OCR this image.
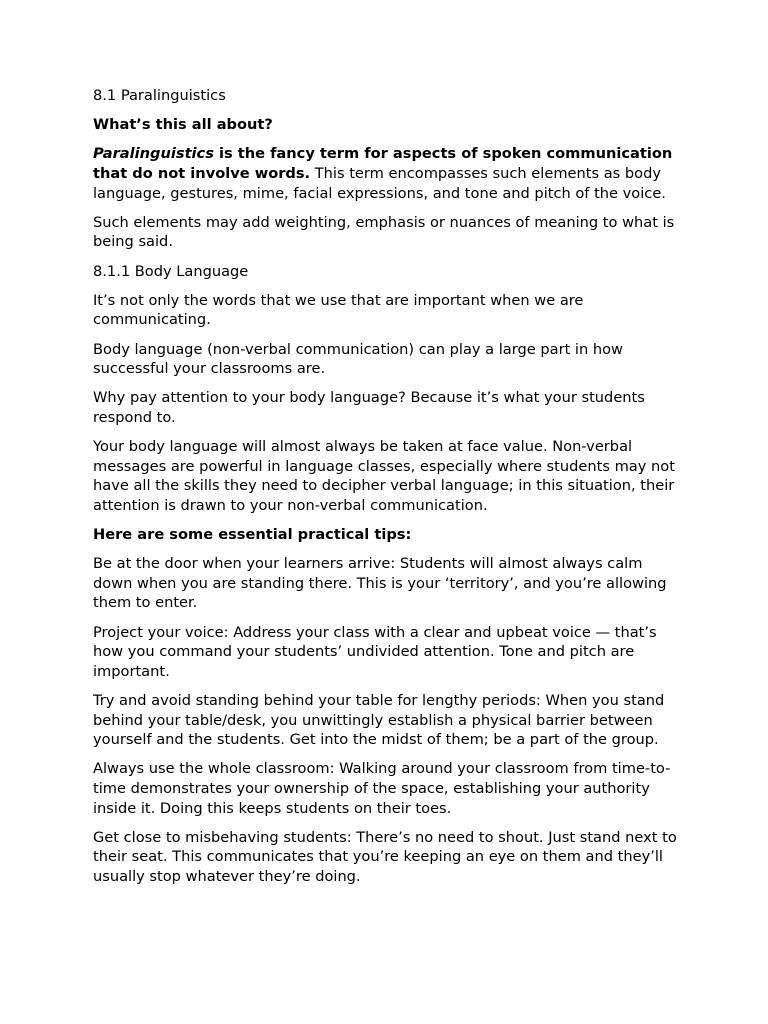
8.1 Paralinguistics

What’s this all about?

Paralinguistics is the fancy term for aspects of spoken communication that do not involve words. This term encompasses such elements as body language, gestures, mime, facial expressions, and tone and pitch of the voice.

Such elements may add weighting, emphasis or nuances of meaning to what is being said.

8.1.1 Body Language

It’s not only the words that we use that are important when we are communicating.

Body language (non-verbal communication) can play a large part in how successful your classrooms are.

Why pay attention to your body language? Because it’s what your students respond to.

Your body language will almost always be taken at face value. Non-verbal messages are powerful in language classes, especially where students may not have all the skills they need to decipher verbal language; in this situation, their attention is drawn to your non-verbal communication.

Here are some essential practical tips:

Be at the door when your learners arrive: Students will almost always calm down when you are standing there. This is your ‘territory’, and you’re allowing them to enter.

Project your voice: Address your class with a clear and upbeat voice — that’s how you command your students’ undivided attention. Tone and pitch are important.

Try and avoid standing behind your table for lengthy periods: When you stand behind your table/desk, you unwittingly establish a physical barrier between yourself and the students. Get into the midst of them; be a part of the group.

Always use the whole classroom: Walking around your classroom from time-to-time demonstrates your ownership of the space, establishing your authority inside it. Doing this keeps students on their toes.

Get close to misbehaving students: There’s no need to shout. Just stand next to their seat. This communicates that you’re keeping an eye on them and they’ll usually stop whatever they’re doing.
